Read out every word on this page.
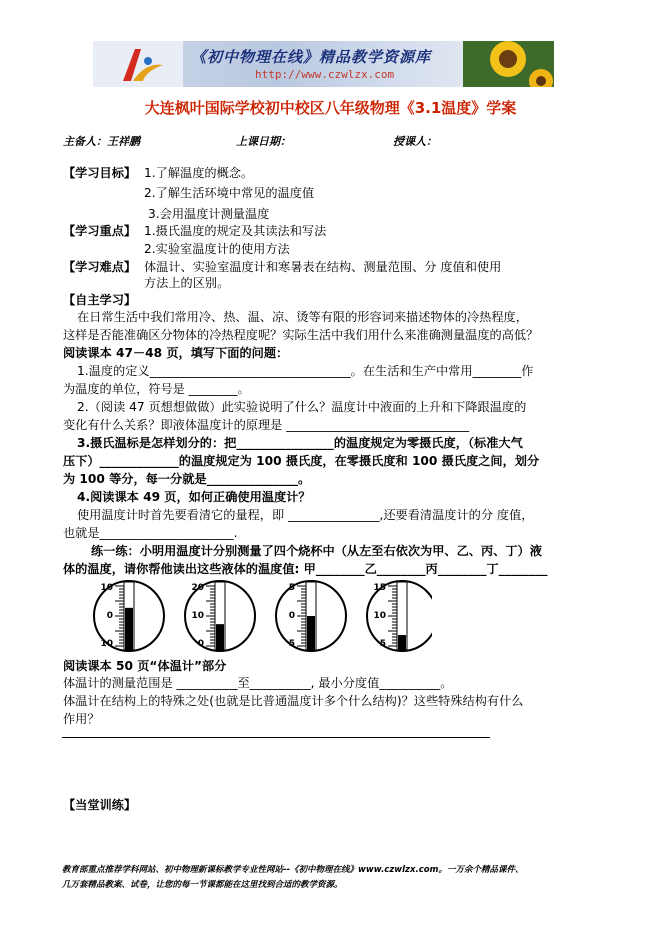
《初中物理在线》精品教学资源库
http://www.czwlzx.com
大连枫叶国际学校初中校区八年级物理《3.1温度》学案
主备人：王祥鹏	上课日期：	授课人：
【学习目标】 1.了解温度的概念。
2.了解生活环境中常见的温度值
3.会用温度计测量温度
【学习重点】 1.摄氏温度的规定及其读法和写法
2.实验室温度计的使用方法
【学习难点】 体温计、实验室温度计和寒暑表在结构、测量范围、分 度值和使用
方法上的区别。
【自主学习】
在日常生活中我们常用冷、热、温、凉、烫等有限的形容词来描述物体的冷热程度，
这样是否能准确区分物体的冷热程度呢？实际生活中我们用什么来准确测量温度的高低？
阅读课本 47－48 页，填写下面的问题：
1.温度的定义_________________________________。在生活和生产中常用________作
为温度的单位，符号是 ________。
2.（阅读 47 页想想做做）此实验说明了什么？温度计中液面的上升和下降跟温度的
变化有什么关系？即液体温度计的原理是 ______________________________
3.摄氏温标是怎样划分的：把________________的温度规定为零摄氏度，（标准大气
压下）_____________的温度规定为 100 摄氏度，在零摄氏度和 100 摄氏度之间，划分
为 100 等分，每一分就是_______________。
4.阅读课本 49 页，如何正确使用温度计？
使用温度计时首先要看清它的量程，即 _______________,还要看清温度计的分 度值，
也就是______________________.
练一练：小明用温度计分别测量了四个烧杯中（从左至右依次为甲、乙、丙、丁）液
体的温度，请你帮他读出这些液体的温度值: 甲________乙________丙________丁________
10
0
10
20
10
0
5
0
5
15
10
5
阅读课本 50 页“体温计”部分
体温计的测量范围是 __________至__________, 最小分度值__________。
体温计在结构上的特殊之处(也就是比普通温度计多个什么结构)？这些特殊结构有什么
作用？
【当堂训练】
教育部重点推荐学科网站、初中物理新课标教学专业性网站--《初中物理在线》www.czwlzx.com。一万余个精品课件、
几万套精品教案、试卷，让您的每一节课都能在这里找到合适的教学资源。
